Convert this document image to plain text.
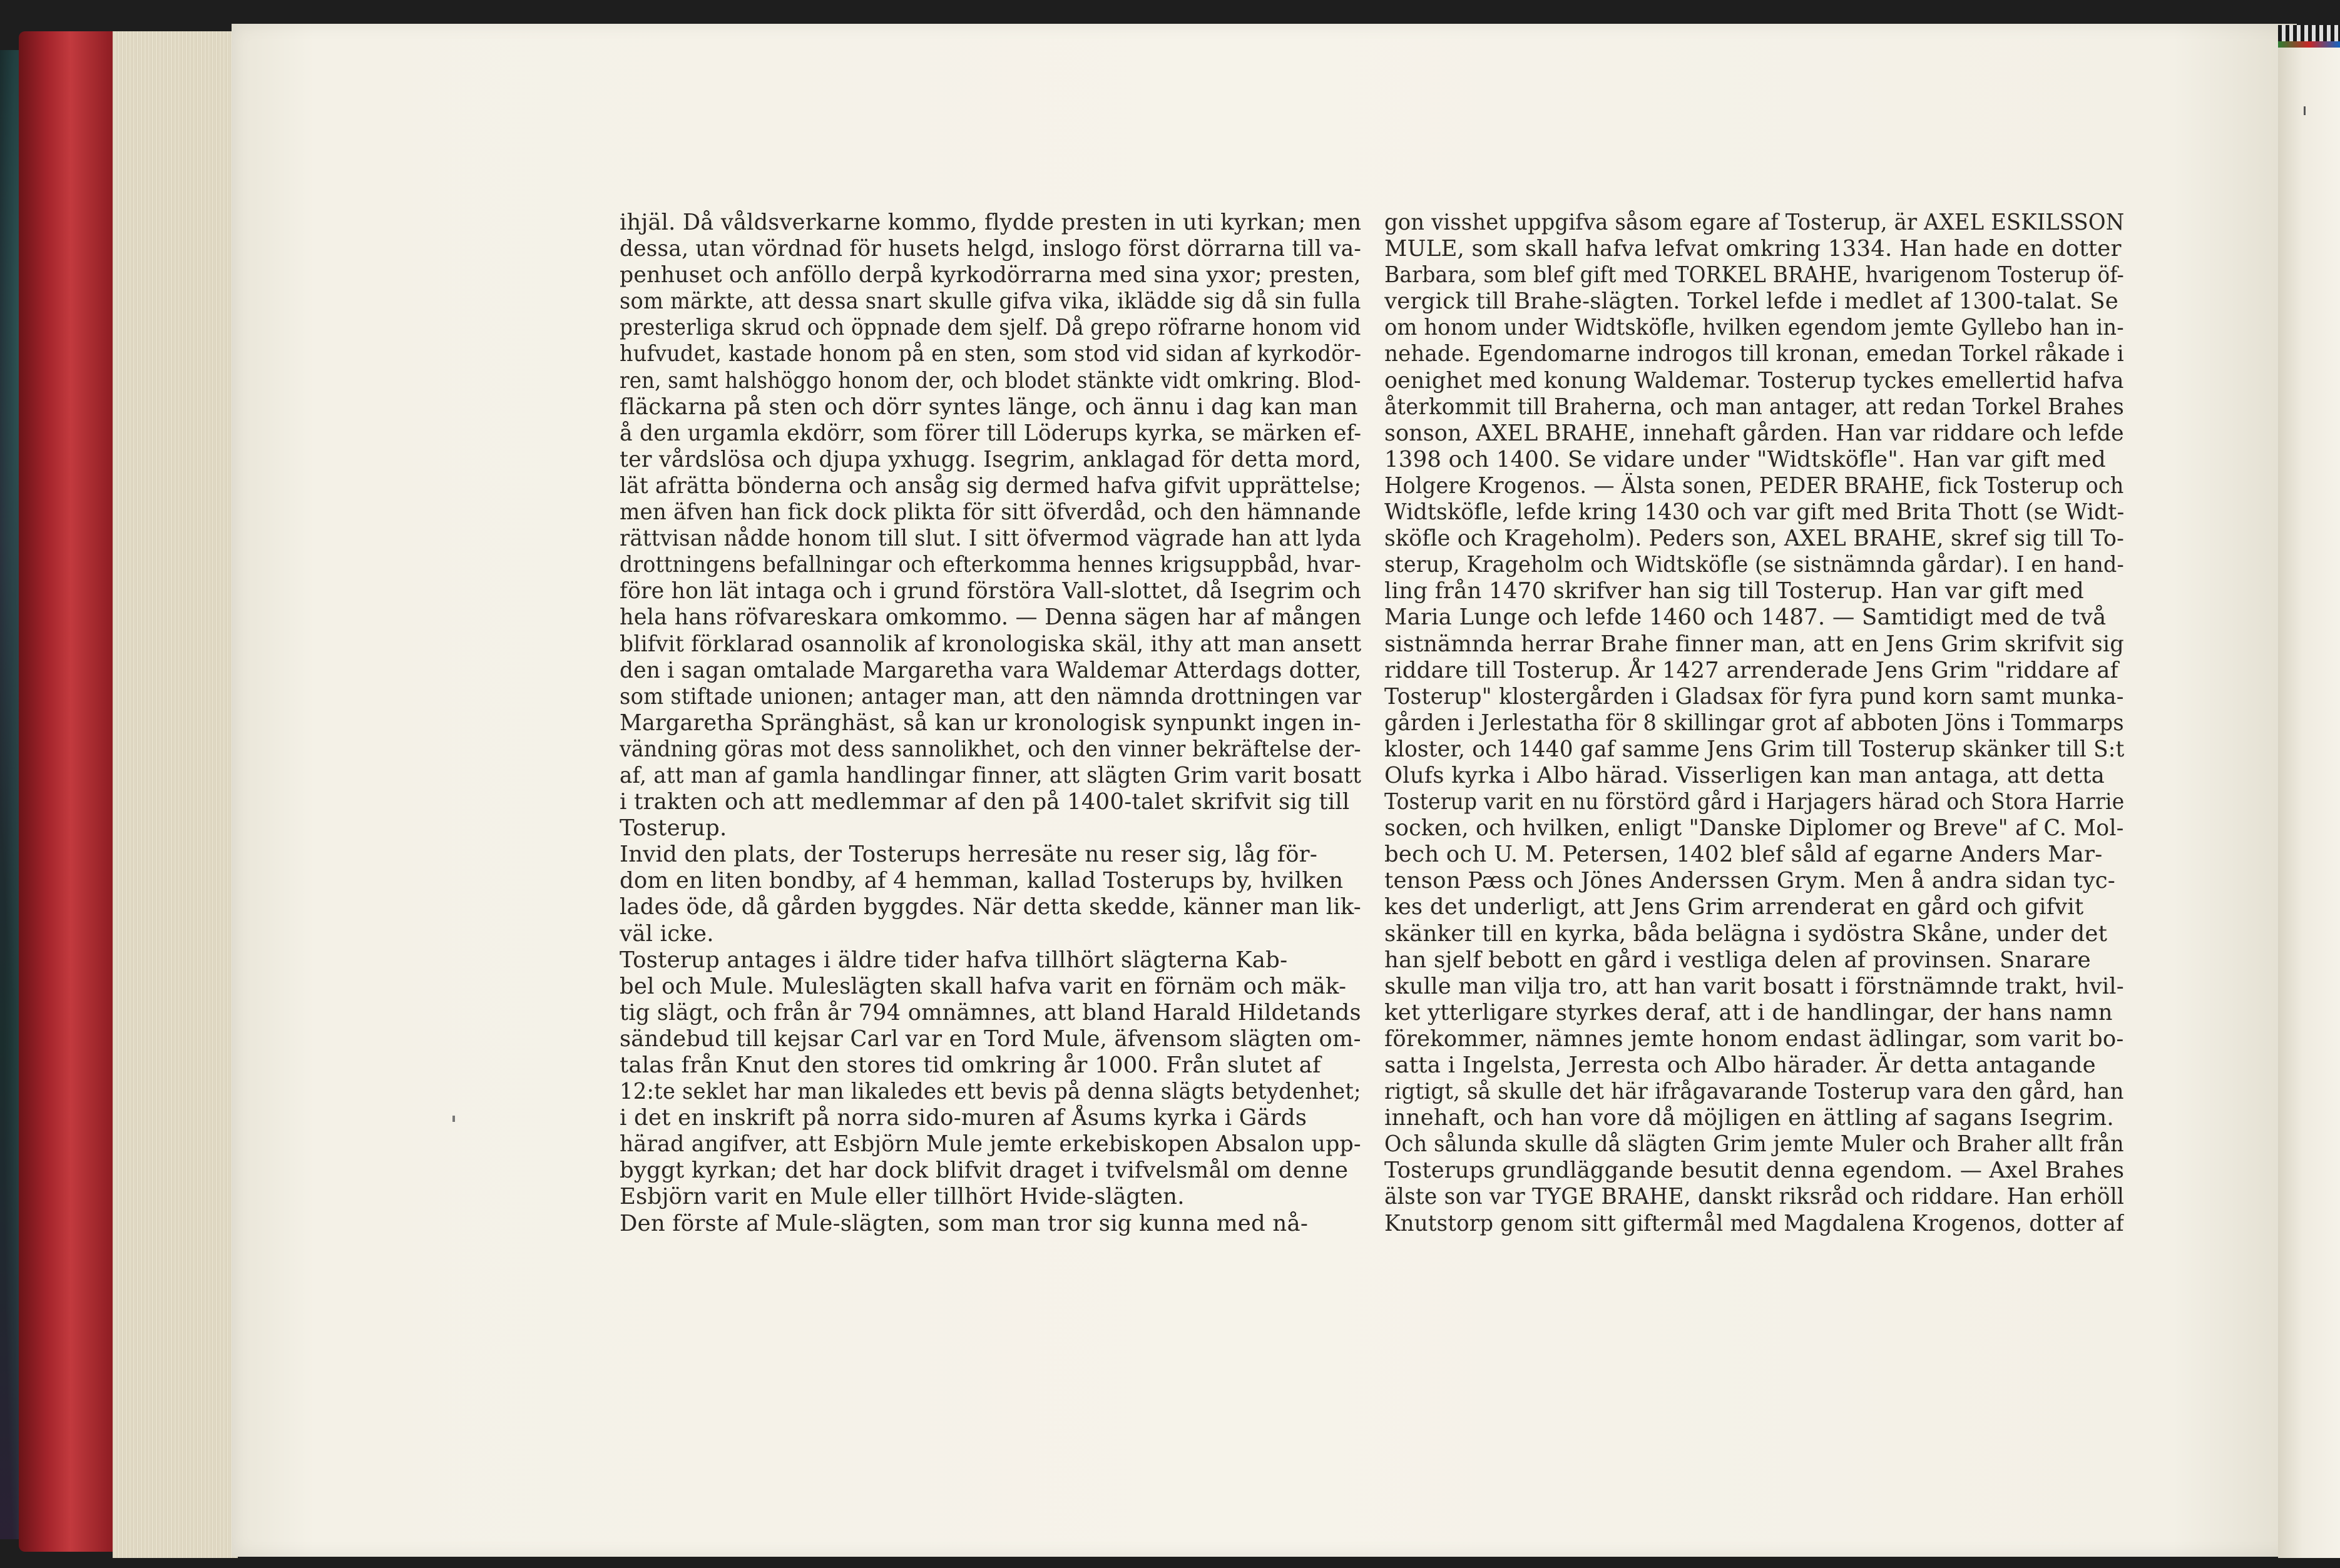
ihjäl. Då våldsverkarne kommo, flydde presten in uti kyrkan; men
dessa, utan vördnad för husets helgd, inslogo först dörrarna till va-
penhuset och anföllo derpå kyrkodörrarna med sina yxor; presten,
som märkte, att dessa snart skulle gifva vika, iklädde sig då sin fulla
presterliga skrud och öppnade dem sjelf. Då grepo röfrarne honom vid
hufvudet, kastade honom på en sten, som stod vid sidan af kyrkodör-
ren, samt halshöggo honom der, och blodet stänkte vidt omkring. Blod-
fläckarna på sten och dörr syntes länge, och ännu i dag kan man
å den urgamla ekdörr, som förer till Löderups kyrka, se märken ef-
ter vårdslösa och djupa yxhugg. Isegrim, anklagad för detta mord,
lät afrätta bönderna och ansåg sig dermed hafva gifvit upprättelse;
men äfven han fick dock plikta för sitt öfverdåd, och den hämnande
rättvisan nådde honom till slut. I sitt öfvermod vägrade han att lyda
drottningens befallningar och efterkomma hennes krigsuppbåd, hvar-
före hon lät intaga och i grund förstöra Vall-slottet, då Isegrim och
hela hans röfvareskara omkommo. — Denna sägen har af mången
blifvit förklarad osannolik af kronologiska skäl, ithy att man ansett
den i sagan omtalade Margaretha vara Waldemar Atterdags dotter,
som stiftade unionen; antager man, att den nämnda drottningen var
Margaretha Spränghäst, så kan ur kronologisk synpunkt ingen in-
vändning göras mot dess sannolikhet, och den vinner bekräftelse der-
af, att man af gamla handlingar finner, att slägten Grim varit bosatt
i trakten och att medlemmar af den på 1400-talet skrifvit sig till
Tosterup.
Invid den plats, der Tosterups herresäte nu reser sig, låg för-
dom en liten bondby, af 4 hemman, kallad Tosterups by, hvilken
lades öde, då gården byggdes. När detta skedde, känner man lik-
väl icke.
Tosterup antages i äldre tider hafva tillhört slägterna Kab-
bel och Mule. Muleslägten skall hafva varit en förnäm och mäk-
tig slägt, och från år 794 omnämnes, att bland Harald Hildetands
sändebud till kejsar Carl var en Tord Mule, äfvensom slägten om-
talas från Knut den stores tid omkring år 1000. Från slutet af
12:te seklet har man likaledes ett bevis på denna slägts betydenhet;
i det en inskrift på norra sido-muren af Åsums kyrka i Gärds
härad angifver, att Esbjörn Mule jemte erkebiskopen Absalon upp-
byggt kyrkan; det har dock blifvit draget i tvifvelsmål om denne
Esbjörn varit en Mule eller tillhört Hvide-slägten.
Den förste af Mule-slägten, som man tror sig kunna med nå-
gon visshet uppgifva såsom egare af Tosterup, är AXEL ESKILSSON
MULE, som skall hafva lefvat omkring 1334. Han hade en dotter
Barbara, som blef gift med TORKEL BRAHE, hvarigenom Tosterup öf-
vergick till Brahe-slägten. Torkel lefde i medlet af 1300-talat. Se
om honom under Widtsköfle, hvilken egendom jemte Gyllebo han in-
nehade. Egendomarne indrogos till kronan, emedan Torkel råkade i
oenighet med konung Waldemar. Tosterup tyckes emellertid hafva
återkommit till Braherna, och man antager, att redan Torkel Brahes
sonson, AXEL BRAHE, innehaft gården. Han var riddare och lefde
1398 och 1400. Se vidare under "Widtsköfle". Han var gift med
Holgere Krogenos. — Älsta sonen, PEDER BRAHE, fick Tosterup och
Widtsköfle, lefde kring 1430 och var gift med Brita Thott (se Widt-
sköfle och Krageholm). Peders son, AXEL BRAHE, skref sig till To-
sterup, Krageholm och Widtsköfle (se sistnämnda gårdar). I en hand-
ling från 1470 skrifver han sig till Tosterup. Han var gift med
Maria Lunge och lefde 1460 och 1487. — Samtidigt med de två
sistnämnda herrar Brahe finner man, att en Jens Grim skrifvit sig
riddare till Tosterup. År 1427 arrenderade Jens Grim "riddare af
Tosterup" klostergården i Gladsax för fyra pund korn samt munka-
gården i Jerlestatha för 8 skillingar grot af abboten Jöns i Tommarps
kloster, och 1440 gaf samme Jens Grim till Tosterup skänker till S:t
Olufs kyrka i Albo härad. Visserligen kan man antaga, att detta
Tosterup varit en nu förstörd gård i Harjagers härad och Stora Harrie
socken, och hvilken, enligt "Danske Diplomer og Breve" af C. Mol-
bech och U. M. Petersen, 1402 blef såld af egarne Anders Mar-
tenson Pæss och Jönes Anderssen Grym. Men å andra sidan tyc-
kes det underligt, att Jens Grim arrenderat en gård och gifvit
skänker till en kyrka, båda belägna i sydöstra Skåne, under det
han sjelf bebott en gård i vestliga delen af provinsen. Snarare
skulle man vilja tro, att han varit bosatt i förstnämnde trakt, hvil-
ket ytterligare styrkes deraf, att i de handlingar, der hans namn
förekommer, nämnes jemte honom endast ädlingar, som varit bo-
satta i Ingelsta, Jerresta och Albo härader. Är detta antagande
rigtigt, så skulle det här ifrågavarande Tosterup vara den gård, han
innehaft, och han vore då möjligen en ättling af sagans Isegrim.
Och sålunda skulle då slägten Grim jemte Muler och Braher allt från
Tosterups grundläggande besutit denna egendom. — Axel Brahes
älste son var TYGE BRAHE, danskt riksråd och riddare. Han erhöll
Knutstorp genom sitt giftermål med Magdalena Krogenos, dotter af
